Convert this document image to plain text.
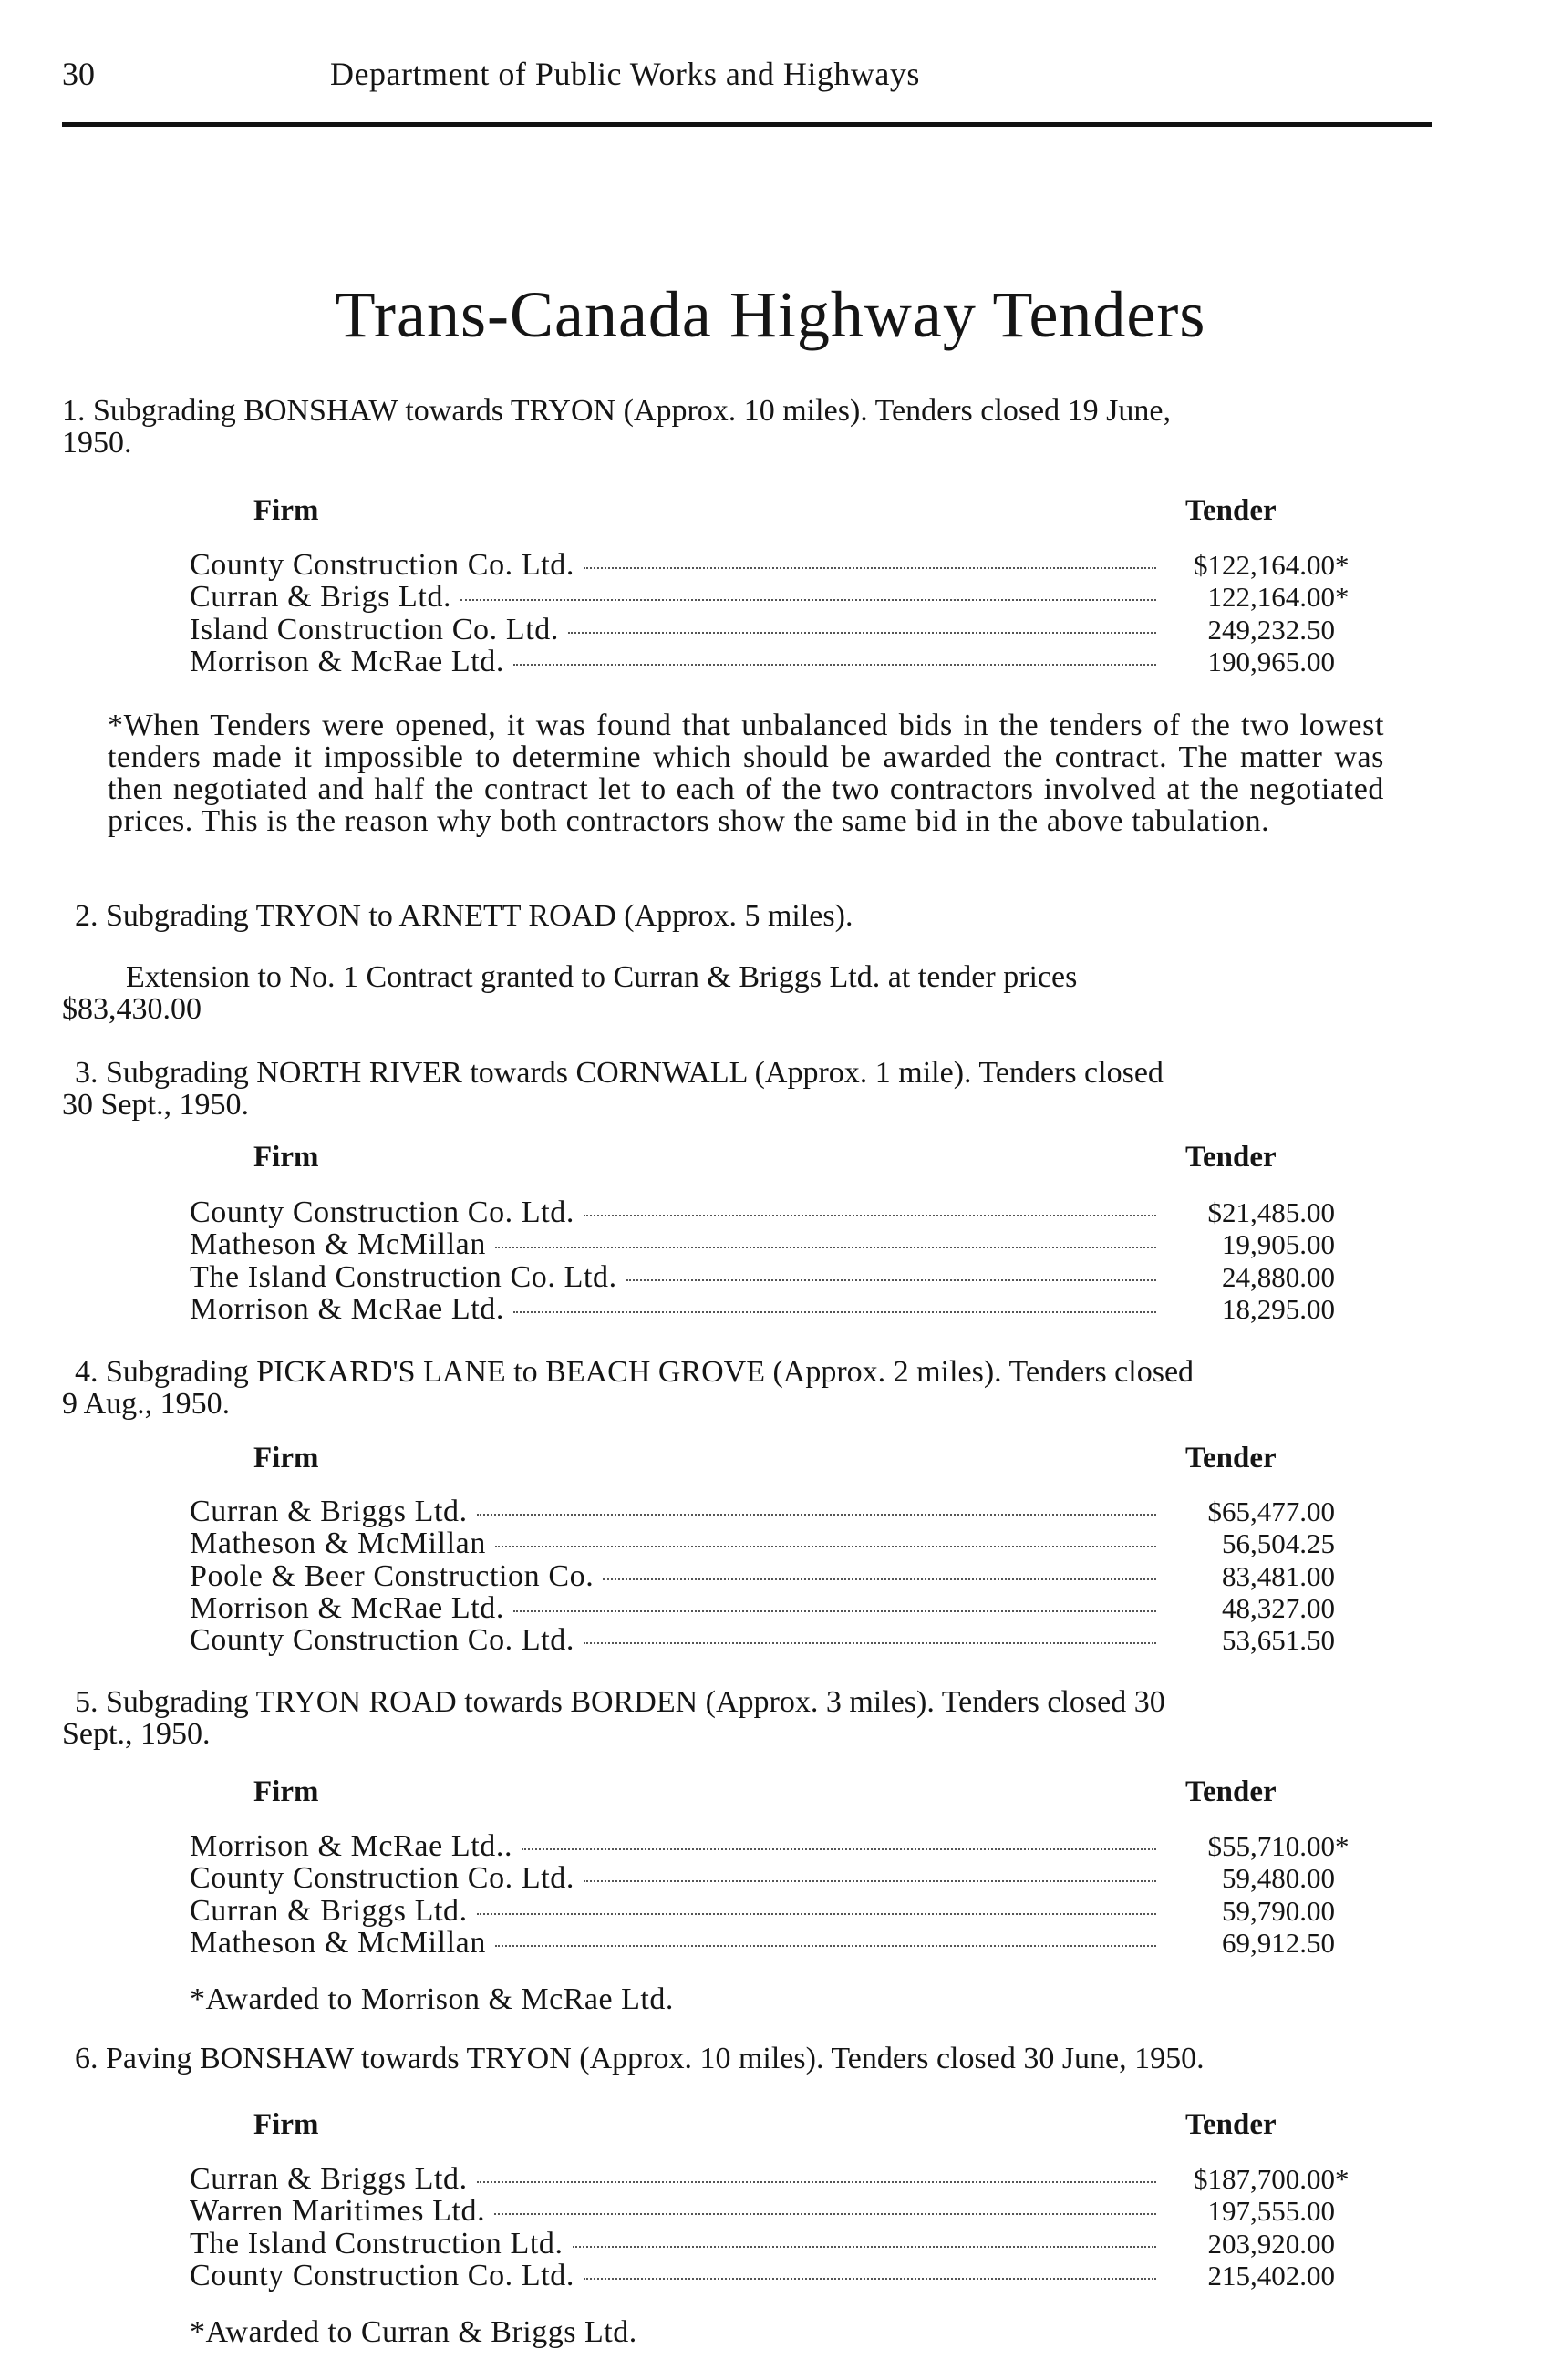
30	Department of Public Works and Highways
Trans-Canada Highway Tenders
1. Subgrading BONSHAW towards TRYON (Approx. 10 miles). Tenders closed 19 June,
1950.
Firm	Tender
County Construction Co. Ltd.	$122,164.00*
Curran & Brigs Ltd.	122,164.00*
Island Construction Co. Ltd.	249,232.50
Morrison & McRae Ltd.	190,965.00
*When Tenders were opened, it was found that unbalanced bids in the tenders of the two lowest tenders made it impossible to determine which should be awarded the contract. The matter was then negotiated and half the contract let to each of the two contractors involved at the negotiated prices. This is the reason why both contractors show the same bid in the above tabulation.
2. Subgrading TRYON to ARNETT ROAD (Approx. 5 miles).
Extension to No. 1 Contract granted to Curran & Briggs Ltd. at tender prices
$83,430.00
3. Subgrading NORTH RIVER towards CORNWALL (Approx. 1 mile). Tenders closed
30 Sept., 1950.
Firm	Tender
County Construction Co. Ltd.	$21,485.00
Matheson & McMillan	19,905.00
The Island Construction Co. Ltd.	24,880.00
Morrison & McRae Ltd.	18,295.00
4. Subgrading PICKARD'S LANE to BEACH GROVE (Approx. 2 miles). Tenders closed
9 Aug., 1950.
Firm	Tender
Curran & Briggs Ltd.	$65,477.00
Matheson & McMillan	56,504.25
Poole & Beer Construction Co.	83,481.00
Morrison & McRae Ltd.	48,327.00
County Construction Co. Ltd.	53,651.50
5. Subgrading TRYON ROAD towards BORDEN (Approx. 3 miles). Tenders closed 30
Sept., 1950.
Firm	Tender
Morrison & McRae Ltd..	$55,710.00*
County Construction Co. Ltd.	59,480.00
Curran & Briggs Ltd.	59,790.00
Matheson & McMillan	69,912.50
*Awarded to Morrison & McRae Ltd.
6. Paving BONSHAW towards TRYON (Approx. 10 miles). Tenders closed 30 June, 1950.
Firm	Tender
Curran & Briggs Ltd.	$187,700.00*
Warren Maritimes Ltd.	197,555.00
The Island Construction Ltd.	203,920.00
County Construction Co. Ltd.	215,402.00
*Awarded to Curran & Briggs Ltd.
